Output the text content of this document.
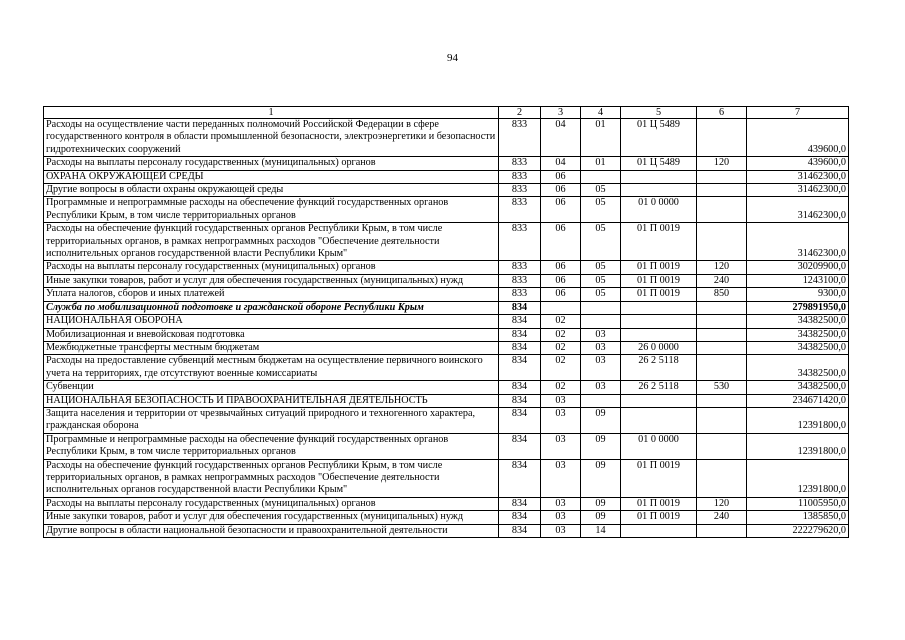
94
1	2	3	4	5	6	7
Расходы на осуществление части переданных полномочий Российской Федерации в сфере государственного контроля в области промышленной безопасности, электроэнергетики и безопасности гидротехнических сооружений	833	04	01	01 Ц 5489		439600,0
Расходы на выплаты персоналу государственных (муниципальных) органов	833	04	01	01 Ц 5489	120	439600,0
ОХРАНА ОКРУЖАЮЩЕЙ СРЕДЫ	833	06				31462300,0
Другие вопросы в области охраны окружающей среды	833	06	05			31462300,0
Программные и непрограммные расходы на обеспечение функций государственных органов Республики Крым, в том числе территориальных органов	833	06	05	01 0 0000		31462300,0
Расходы на обеспечение функций государственных органов Республики Крым, в том числе территориальных органов, в рамках непрограммных расходов "Обеспечение деятельности исполнительных органов государственной власти Республики Крым"	833	06	05	01 П 0019		31462300,0
Расходы на выплаты персоналу государственных (муниципальных) органов	833	06	05	01 П 0019	120	30209900,0
Иные закупки товаров, работ и услуг для обеспечения государственных (муниципальных) нужд	833	06	05	01 П 0019	240	1243100,0
Уплата налогов, сборов и иных платежей	833	06	05	01 П 0019	850	9300,0
Служба по мобилизационной подготовке и гражданской обороне Республики Крым	834					279891950,0
НАЦИОНАЛЬНАЯ ОБОРОНА	834	02				34382500,0
Мобилизационная и вневойсковая подготовка	834	02	03			34382500,0
Межбюджетные трансферты местным бюджетам	834	02	03	26 0 0000		34382500,0
Расходы на предоставление субвенций местным бюджетам на осуществление первичного воинского учета на территориях, где отсутствуют военные комиссариаты	834	02	03	26 2 5118		34382500,0
Субвенции	834	02	03	26 2 5118	530	34382500,0
НАЦИОНАЛЬНАЯ БЕЗОПАСНОСТЬ И ПРАВООХРАНИТЕЛЬНАЯ ДЕЯТЕЛЬНОСТЬ	834	03				234671420,0
Защита населения и территории от чрезвычайных ситуаций природного и техногенного характера, гражданская оборона	834	03	09			12391800,0
Программные и непрограммные расходы на обеспечение функций государственных органов Республики Крым, в том числе территориальных органов	834	03	09	01 0 0000		12391800,0
Расходы на обеспечение функций государственных органов Республики Крым, в том числе территориальных органов, в рамках непрограммных расходов "Обеспечение деятельности исполнительных органов государственной власти Республики Крым"	834	03	09	01 П 0019		12391800,0
Расходы на выплаты персоналу государственных (муниципальных) органов	834	03	09	01 П 0019	120	11005950,0
Иные закупки товаров, работ и услуг для обеспечения государственных (муниципальных) нужд	834	03	09	01 П 0019	240	1385850,0
Другие вопросы в области национальной безопасности и правоохранительной деятельности	834	03	14			222279620,0
